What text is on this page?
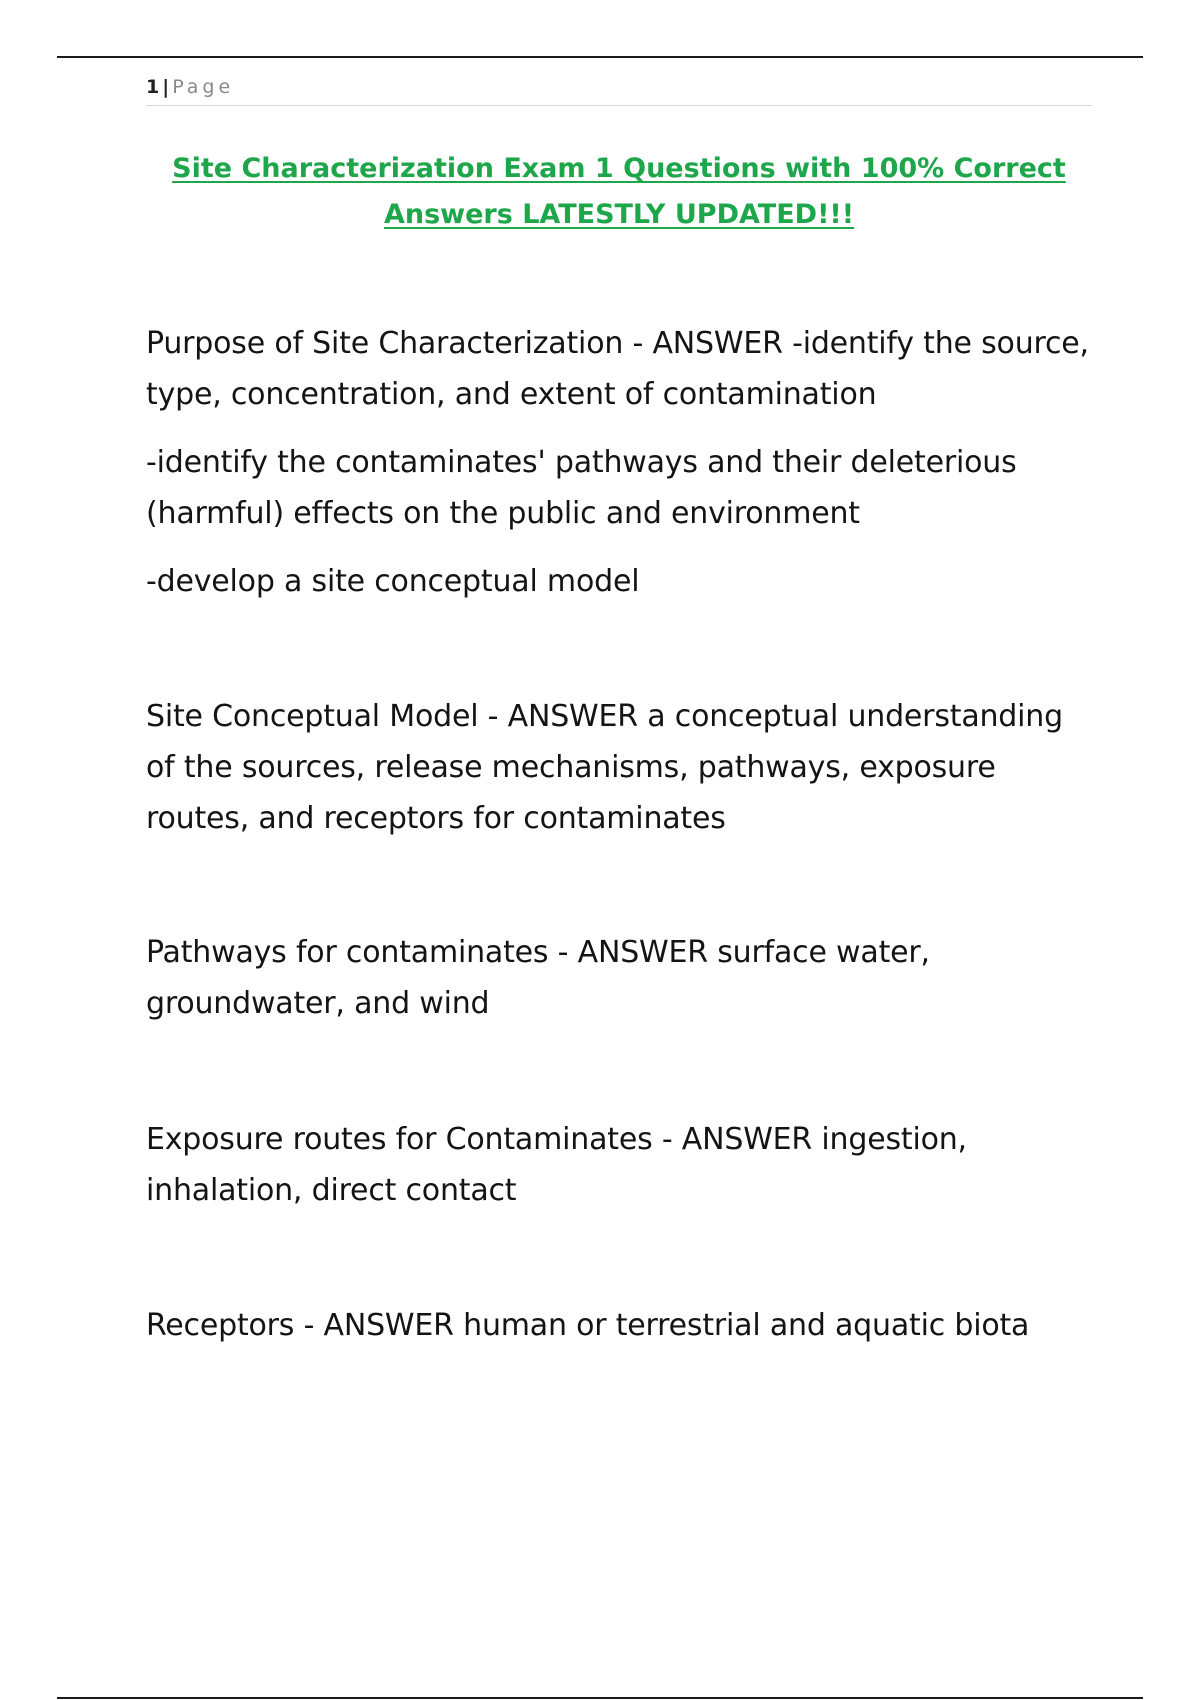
1 | Page
Site Characterization Exam 1 Questions with 100% Correct
Answers LATESTLY UPDATED!!!

Purpose of Site Characterization - ANSWER -identify the source, type, concentration, and extent of contamination

-identify the contaminates' pathways and their deleterious (harmful) effects on the public and environment

-develop a site conceptual model

Site Conceptual Model - ANSWER a conceptual understanding of the sources, release mechanisms, pathways, exposure routes, and receptors for contaminates

Pathways for contaminates - ANSWER surface water, groundwater, and wind

Exposure routes for Contaminates - ANSWER ingestion, inhalation, direct contact

Receptors - ANSWER human or terrestrial and aquatic biota
